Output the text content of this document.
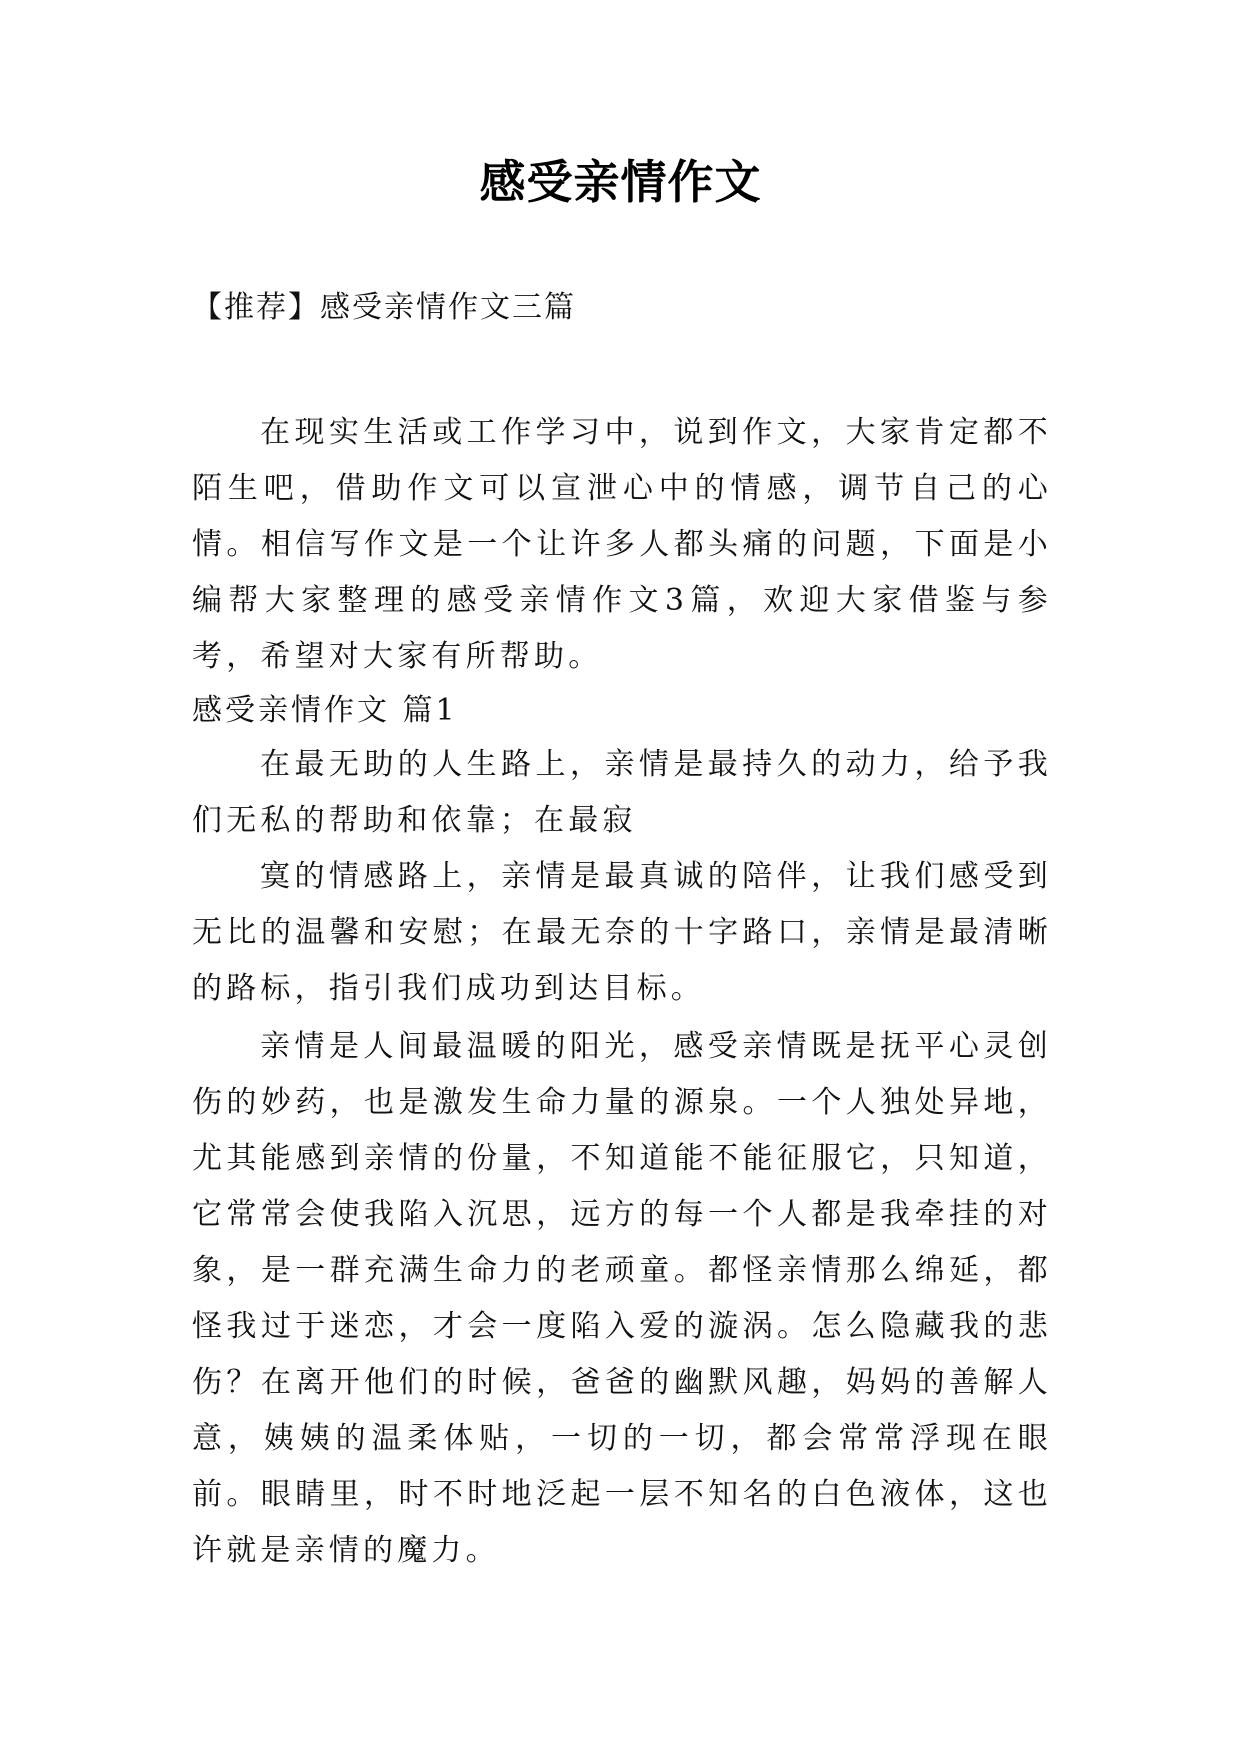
感受亲情作文
【推荐】感受亲情作文三篇

在现实生活或工作学习中，说到作文，大家肯定都不陌生吧，借助作文可以宣泄心中的情感，调节自己的心情。相信写作文是一个让许多人都头痛的问题，下面是小编帮大家整理的感受亲情作文3篇，欢迎大家借鉴与参考，希望对大家有所帮助。

感受亲情作文 篇1

在最无助的人生路上，亲情是最持久的动力，给予我们无私的帮助和依靠；在最寂

寞的情感路上，亲情是最真诚的陪伴，让我们感受到无比的温馨和安慰；在最无奈的十字路口，亲情是最清晰的路标，指引我们成功到达目标。

亲情是人间最温暖的阳光，感受亲情既是抚平心灵创伤的妙药，也是激发生命力量的源泉。一个人独处异地，尤其能感到亲情的份量，不知道能不能征服它，只知道，它常常会使我陷入沉思，远方的每一个人都是我牵挂的对象，是一群充满生命力的老顽童。都怪亲情那么绵延，都怪我过于迷恋，才会一度陷入爱的漩涡。怎么隐藏我的悲伤？在离开他们的时候，爸爸的幽默风趣，妈妈的善解人意，姨姨的温柔体贴，一切的一切，都会常常浮现在眼前。眼睛里，时不时地泛起一层不知名的白色液体，这也许就是亲情的魔力。
